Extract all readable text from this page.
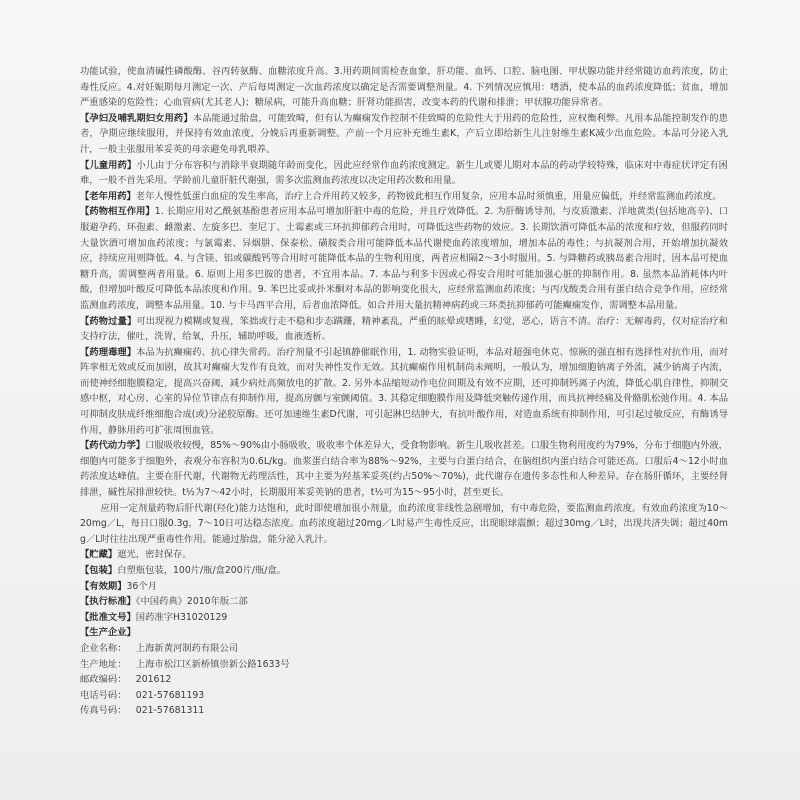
功能试验，使血清碱性磷酸酶、谷丙转氨酶、血糖浓度升高。3.用药期间需检查血象，肝功能、血钙、口腔、脑电图、甲状腺功能并经常随访血药浓度，防止毒性反应。4.对妊娠期每月测定一次、产后每周测定一次血药浓度以确定是否需要调整剂量。4. 下列情况应慎用：嗜酒，使本品的血药浓度降低；贫血，增加严重感染的危险性；心血管病(尤其老人)；糖尿病，可能升高血糖；肝肾功能损害，改变本药的代谢和排泄；甲状腺功能异常者。

【孕妇及哺乳期妇女用药】本品能通过胎盘，可能致畸，但有认为癫痫发作控制不佳致畸的危险性大于用药的危险性，应权衡利弊。凡用本品能控制发作的患者，孕期应继续服用，并保持有效血浓度，分娩后再重新调整。产前一个月应补充维生素K，产后立即给新生儿注射维生素K减少出血危险。本品可分泌入乳汁，一般主张服用苯妥英的母亲避免母乳喂养。

【儿童用药】小儿由于分布容积与消除半衰期随年龄而变化，因此应经常作血药浓度测定。新生儿或婴儿期对本品的药动学较特殊，临床对中毒症状评定有困难，一般不首先采用。学龄前儿童肝脏代谢强，需多次监测血药浓度以决定用药次数和用量。

【老年用药】老年人慢性低蛋白血症的发生率高，治疗上合并用药又较多，药物彼此相互作用复杂，应用本品时须慎重，用量应偏低，并经常监测血药浓度。

【药物相互作用】1. 长期应用对乙酰氨基酚患者应用本品可增加肝脏中毒的危险，并且疗效降低。2. 为肝酶诱导剂，与皮质激素、洋地黄类(包括地高辛)、口服避孕药、环孢素、雌激素、左旋多巴、奎尼丁、土霉素或三环抗抑郁药合用时，可降低这些药物的效应。3. 长期饮酒可降低本品的浓度和疗效，但服药同时大量饮酒可增加血药浓度；与氯霉素、异烟肼、保泰松、磺胺类合用可能降低本品代谢使血药浓度增加，增加本品的毒性；与抗凝剂合用，开始增加抗凝效应，持续应用则降低。4. 与含镁、铝或碳酸钙等合用时可能降低本品的生物利用度，两者应相隔2～3小时服用。5. 与降糖药或胰岛素合用时，因本品可使血糖升高，需调整两者用量。6. 原则上用多巴胺的患者，不宜用本品。7. 本品与利多卡因或心得安合用时可能加强心脏的抑制作用。8. 虽然本品消耗体内叶酸，但增加叶酸反可降低本品浓度和作用。9. 苯巴比妥或扑米酮对本品的影响变化很大，应经常监测血药浓度；与丙戊酸类合用有蛋白结合竞争作用，应经常监测血药浓度，调整本品用量。10. 与卡马西平合用，后者血浓降低。如合并用大量抗精神病药或三环类抗抑郁药可能癫痫发作，需调整本品用量。

【药物过量】可出现视力模糊或复视，笨拙或行走不稳和步态蹒跚，精神紊乱，严重的眩晕或嗜睡，幻觉，恶心，语言不清。治疗：无解毒药，仅对症治疗和支持疗法，催吐，洗胃，给氧，升压，辅助呼吸，血液透析。

【药理毒理】本品为抗癫痫药、抗心律失常药。治疗剂量不引起镇静催眠作用，1. 动物实验证明，本品对超强电休克、惊厥的强直相有选择性对抗作用，而对阵挛相无效或反而加剧，故其对癫痫大发作有良效，而对失神性发作无效。其抗癫痫作用机制尚未阐明，一般认为，增加细胞钠离子外流，减少钠离子内流，而使神经细胞膜稳定，提高兴奋阈，减少病灶高频放电的扩散。2. 另外本品缩短动作电位间期及有效不应期，还可抑制钙离子内流，降低心肌自律性，抑制交感中枢，对心房、心室的异位节律点有抑制作用，提高房颤与室颤阈值。3. 其稳定细胞膜作用及降低突触传递作用，而具抗神经痛及骨骼肌松弛作用。4. 本品可抑制皮肤成纤维细胞合成(或)分泌胶原酶。还可加速维生素D代谢，可引起淋巴结肿大，有抗叶酸作用，对造血系统有抑制作用，可引起过敏反应，有酶诱导作用，静脉用药可扩张周围血管。

【药代动力学】口服吸收较慢，85%～90%由小肠吸收，吸收率个体差异大，受食物影响。新生儿吸收甚差。口服生物利用度约为79%，分布于细胞内外液，细胞内可能多于细胞外，表观分布容积为0.6L/kg。血浆蛋白结合率为88%～92%，主要与白蛋白结合，在脑组织内蛋白结合可能还高。口服后4～12小时血药浓度达峰值。主要在肝代谢，代谢物无药理活性，其中主要为羟基苯妥英(约占50%～70%)，此代谢存在遗传多态性和人种差异。存在肠肝循环，主要经肾排泄，碱性尿排泄较快。t½为7～42小时，长期服用苯妥英钠的患者，t½可为15～95小时，甚至更长。

应用一定剂量药物后肝代谢(羟化)能力达饱和，此时即使增加很小剂量，血药浓度非线性急剧增加，有中毒危险，要监测血药浓度。有效血药浓度为10～20mg／L，每日口服0.3g，7～10日可达稳态浓度。血药浓度超过20mg／L时易产生毒性反应，出现眼球震颤；超过30mg／L时，出现共济失调；超过40mg／L时往往出现严重毒性作用。能通过胎盘，能分泌入乳汁。

【贮藏】遮光，密封保存。

【包装】白塑瓶包装，100片/瓶/盒200片/瓶/盒。

【有效期】36个月

【执行标准】《中国药典》2010年版二部

【批准文号】国药准字H31020129

【生产企业】

企业名称： 上海新黄河制药有限公司

生产地址： 上海市松江区新桥镇崇新公路1633号

邮政编码： 201612

电话号码： 021-57681193

传真号码： 021-57681311
